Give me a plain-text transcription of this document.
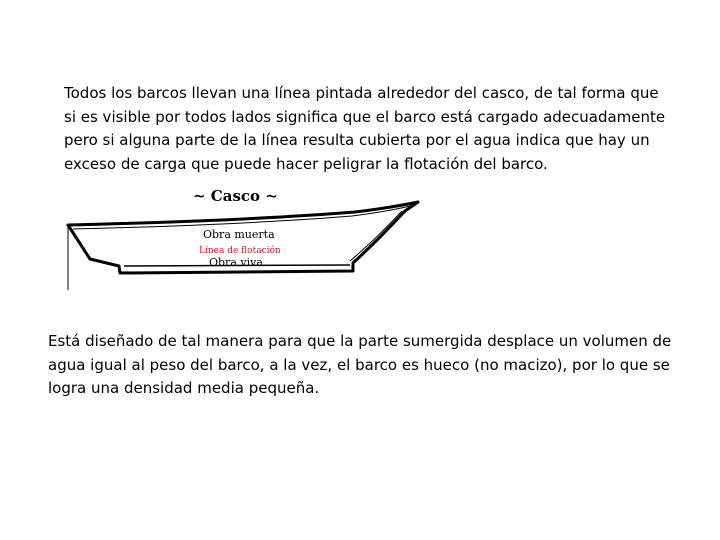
Todos los barcos llevan una línea pintada alrededor del casco, de tal forma que
si es visible por todos lados significa que el barco está cargado adecuadamente
pero si alguna parte de la línea resulta cubierta por el agua indica que hay un
exceso de carga que puede hacer peligrar la flotación del barco.

~ Casco ~
Obra muerta
Línea de flotación
Obra viva

Está diseñado de tal manera para que la parte sumergida desplace un volumen de
agua igual al peso del barco, a la vez, el barco es hueco (no macizo), por lo que se
logra una densidad media pequeña.
